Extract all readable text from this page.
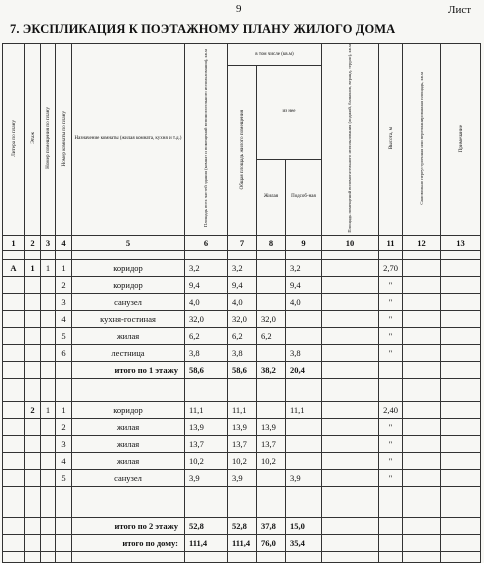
9	Лист
7. ЭКСПЛИКАЦИЯ К ПОЭТАЖНОМУ ПЛАНУ ЖИЛОГО ДОМА
Литера по плану	Этаж	Номер помещения по плану	Номер комнаты по плану	Назначение комнаты (жилая комната, кухня и т.д.)	Площадь всех частей здания (комнат и помещений вспомогательного использования), кв.м	в том числе (кв.м)			Площадь помещений вспомогательного использования (лоджий, балконов, веранд, террас), кв.м	Высота, м	Самовольно переустроенная или перепланированная площадь, кв.м	Примечание
						Общая площадь жилого помещения	из нее					
							Жилая	Подсоб-ная				
1	2	3	4	5	6	7	8	9	10	11	12	13

А	1	1	1	коридор	3,2	3,2		3,2		2,70		
			2	коридор	9,4	9,4		9,4		"		
			3	санузел	4,0	4,0		4,0		"		
			4	кухня-гостиная	32,0	32,0	32,0			"		
			5	жилая	6,2	6,2	6,2			"		
			6	лестница	3,8	3,8		3,8		"		
				итого по 1 этажу	58,6	58,6	38,2	20,4				

	2	1	1	коридор	11,1	11,1		11,1		2,40		
			2	жилая	13,9	13,9	13,9			"		
			3	жилая	13,7	13,7	13,7			"		
			4	жилая	10,2	10,2	10,2			"		
			5	санузел	3,9	3,9		3,9		"		

				итого по 2 этажу	52,8	52,8	37,8	15,0				
				итого по дому:	111,4	111,4	76,0	35,4				
